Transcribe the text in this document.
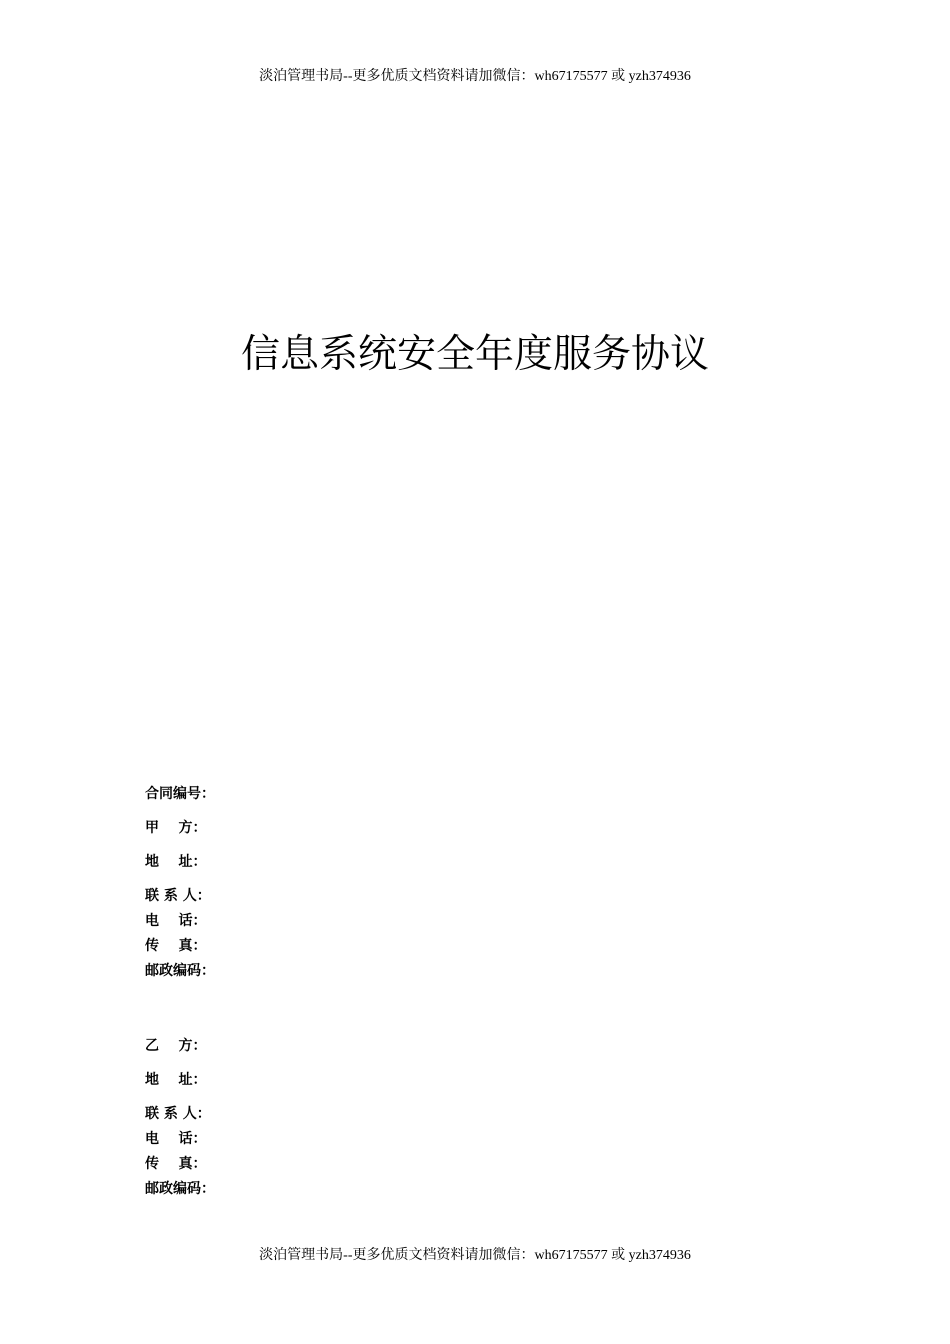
淡泊管理书局--更多优质文档资料请加微信：wh67175577 或 yzh374936
信息系统安全年度服务协议
合同编号：
甲    方：
地    址：
联 系 人：
电    话：
传    真：
邮政编码：
乙    方：
地    址：
联 系 人：
电    话：
传    真：
邮政编码：
淡泊管理书局--更多优质文档资料请加微信：wh67175577 或 yzh374936
